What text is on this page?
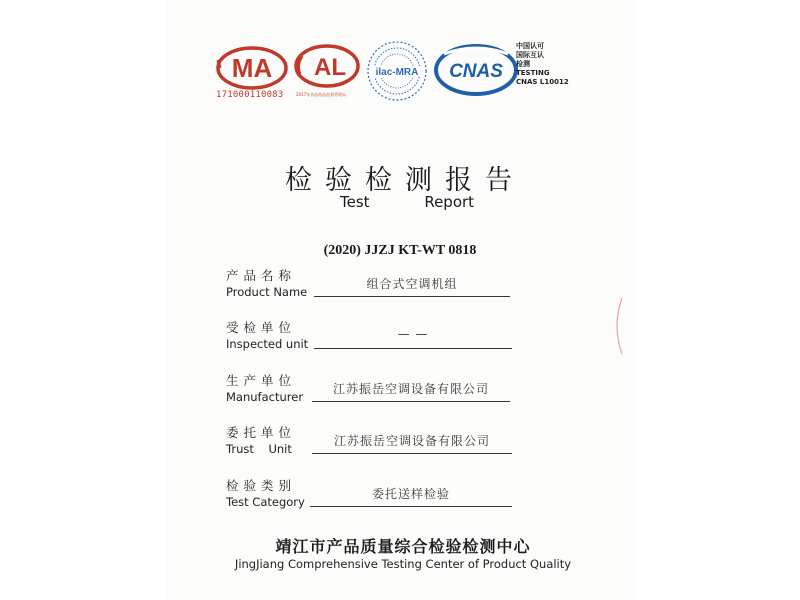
MA
171000110083
AL
2017年食品药品监督管理局
ilac-MRA CNAS
中国认可
国际互认
检测
TESTING
CNAS L10012
检验检测报告
Test	Report
(2020) JJZJ KT-WT 0818
产品名称
Product Name
组合式空调机组
受检单位
Inspected unit
— —
生产单位
Manufacturer
江苏振岳空调设备有限公司
委托单位
Trust    Unit
江苏振岳空调设备有限公司
检验类别
Test Category
委托送样检验
靖江市产品质量综合检验检测中心
JingJiang Comprehensive Testing Center of Product Quality
